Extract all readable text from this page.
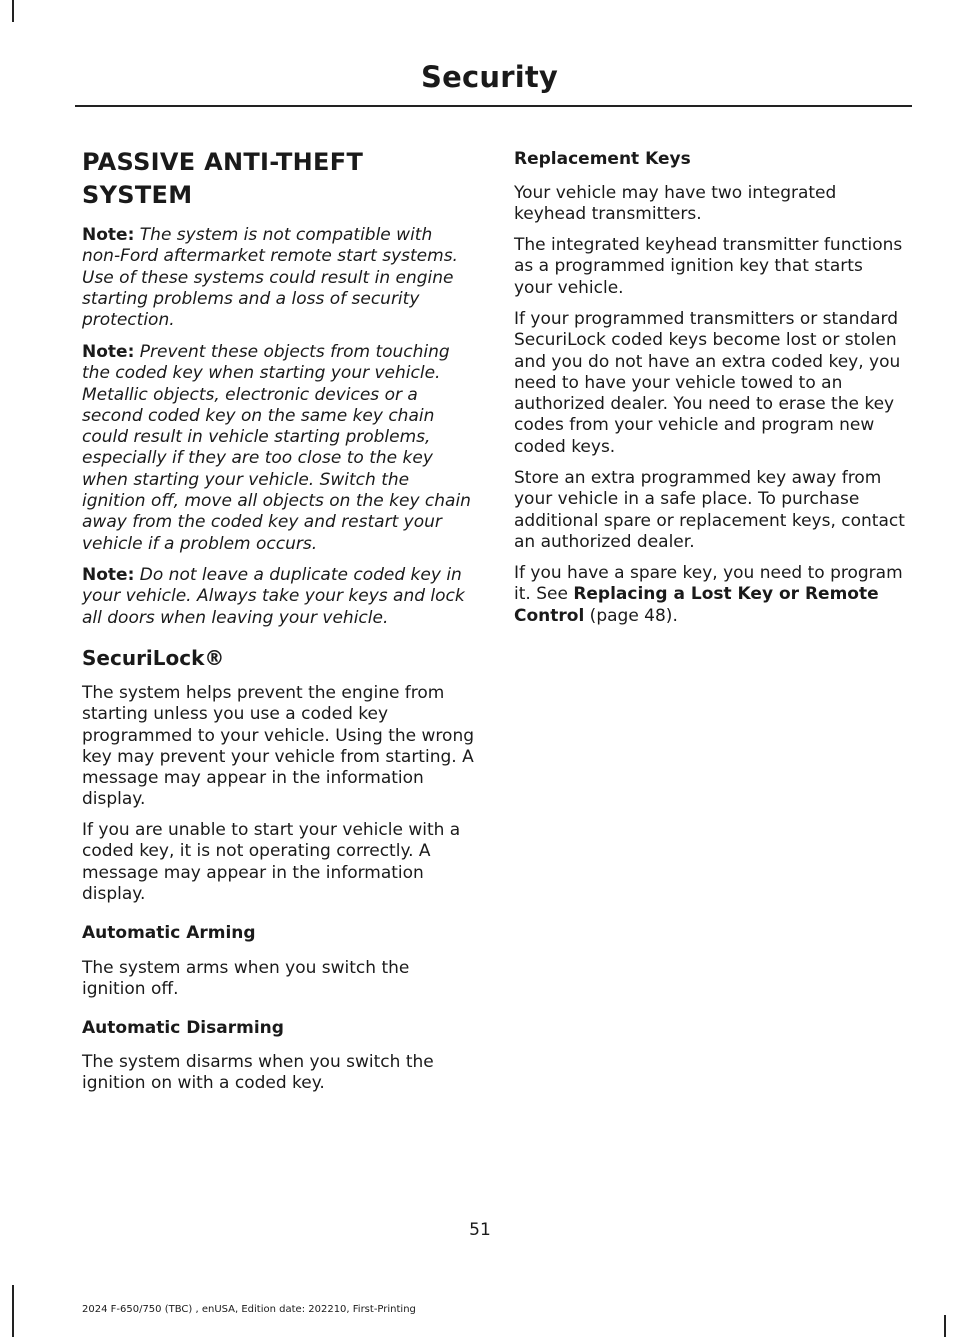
Security
PASSIVE ANTI-THEFT SYSTEM

Note: The system is not compatible with non-Ford aftermarket remote start systems. Use of these systems could result in engine starting problems and a loss of security protection.

Note: Prevent these objects from touching the coded key when starting your vehicle. Metallic objects, electronic devices or a second coded key on the same key chain could result in vehicle starting problems, especially if they are too close to the key when starting your vehicle. Switch the ignition off, move all objects on the key chain away from the coded key and restart your vehicle if a problem occurs.

Note: Do not leave a duplicate coded key in your vehicle. Always take your keys and lock all doors when leaving your vehicle.

SecuriLock®

The system helps prevent the engine from starting unless you use a coded key programmed to your vehicle. Using the wrong key may prevent your vehicle from starting. A message may appear in the information display.

If you are unable to start your vehicle with a coded key, it is not operating correctly. A message may appear in the information display.

Automatic Arming

The system arms when you switch the ignition off.

Automatic Disarming

The system disarms when you switch the ignition on with a coded key.

Replacement Keys

Your vehicle may have two integrated keyhead transmitters.

The integrated keyhead transmitter functions as a programmed ignition key that starts your vehicle.

If your programmed transmitters or standard SecuriLock coded keys become lost or stolen and you do not have an extra coded key, you need to have your vehicle towed to an authorized dealer. You need to erase the key codes from your vehicle and program new coded keys.

Store an extra programmed key away from your vehicle in a safe place. To purchase additional spare or replacement keys, contact an authorized dealer.

If you have a spare key, you need to program it. See Replacing a Lost Key or Remote Control (page 48).

51
2024 F-650/750 (TBC) , enUSA, Edition date: 202210, First-Printing
